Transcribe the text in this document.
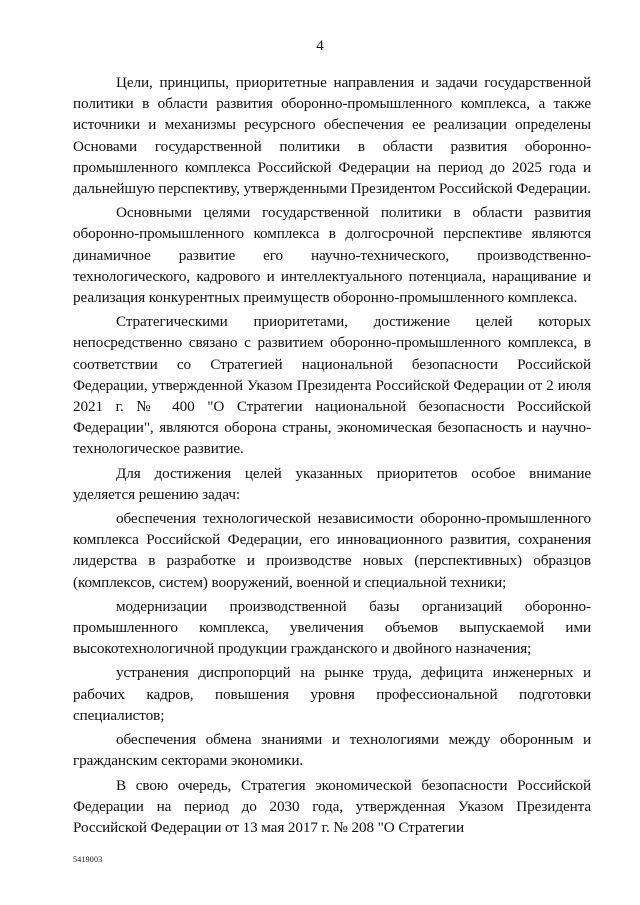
4

Цели, принципы, приоритетные направления и задачи государственной политики в области развития оборонно-промышленного комплекса, а также источники и механизмы ресурсного обеспечения ее реализации определены Основами государственной политики в области развития оборонно-промышленного комплекса Российской Федерации на период до 2025 года и дальнейшую перспективу, утвержденными Президентом Российской Федерации.

Основными целями государственной политики в области развития оборонно-промышленного комплекса в долгосрочной перспективе являются динамичное развитие его научно-технического, производственно-технологического, кадрового и интеллектуального потенциала, наращивание и реализация конкурентных преимуществ оборонно-промышленного комплекса.

Стратегическими приоритетами, достижение целей которых непосредственно связано с развитием оборонно-промышленного комплекса, в соответствии со Стратегией национальной безопасности Российской Федерации, утвержденной Указом Президента Российской Федерации от 2 июля 2021 г. № 400 "О Стратегии национальной безопасности Российской Федерации", являются оборона страны, экономическая безопасность и научно-технологическое развитие.

Для достижения целей указанных приоритетов особое внимание уделяется решению задач:

обеспечения технологической независимости оборонно-промышленного комплекса Российской Федерации, его инновационного развития, сохранения лидерства в разработке и производстве новых (перспективных) образцов (комплексов, систем) вооружений, военной и специальной техники;

модернизации производственной базы организаций оборонно-промышленного комплекса, увеличения объемов выпускаемой ими высокотехнологичной продукции гражданского и двойного назначения;

устранения диспропорций на рынке труда, дефицита инженерных и рабочих кадров, повышения уровня профессиональной подготовки специалистов;

обеспечения обмена знаниями и технологиями между оборонным и гражданским секторами экономики.

В свою очередь, Стратегия экономической безопасности Российской Федерации на период до 2030 года, утвержденная Указом Президента Российской Федерации от 13 мая 2017 г. № 208 "О Стратегии

5419003
